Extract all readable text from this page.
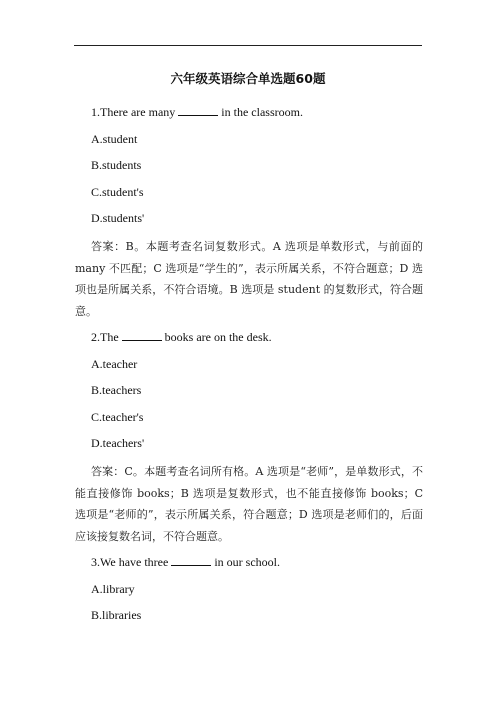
六年级英语综合单选题60题

1.There are many	in the classroom.

A.student

B.students

C.student's

D.students'

答案：B。本题考查名词复数形式。A 选项是单数形式，与前面的 many 不匹配；C 选项是“学生的”，表示所属关系，不符合题意；D 选项也是所属关系，不符合语境。B 选项是 student 的复数形式，符合题意。

2.The	books are on the desk.

A.teacher

B.teachers

C.teacher's

D.teachers'

答案：C。本题考查名词所有格。A 选项是“老师”，是单数形式，不能直接修饰 books；B 选项是复数形式，也不能直接修饰 books；C 选项是“老师的”，表示所属关系，符合题意；D 选项是老师们的，后面应该接复数名词，不符合题意。

3.We have three	in our school.

A.library

B.libraries
